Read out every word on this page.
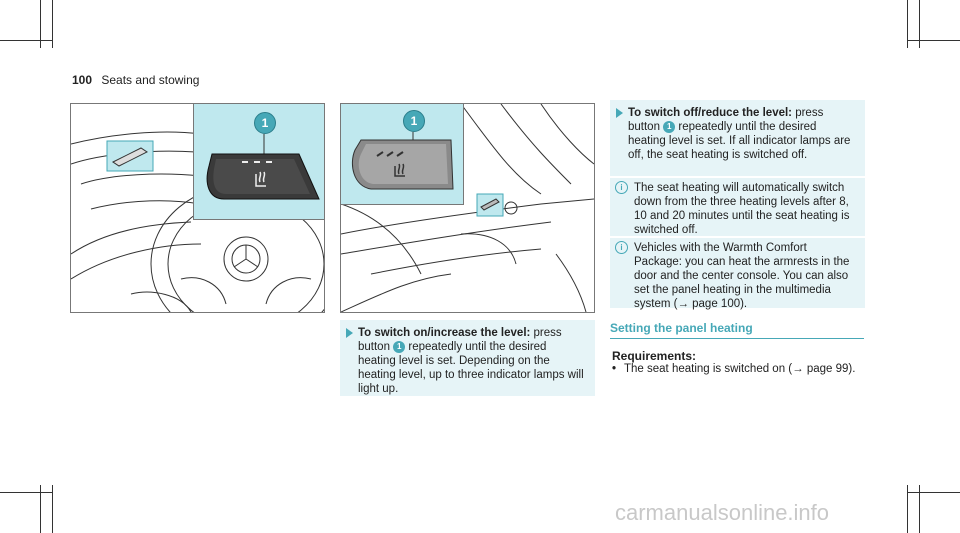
100 Seats and stowing
1	1
To switch on/increase the level: press button 1 repeatedly until the desired heating level is set. Depending on the heating level, up to three indicator lamps will light up.
To switch off/reduce the level: press button 1 repeatedly until the desired heating level is set. If all indicator lamps are off, the seat heating is switched off.
i The seat heating will automatically switch down from the three heating levels after 8, 10 and 20 minutes until the seat heating is switched off.
i Vehicles with the Warmth Comfort Package: you can heat the armrests in the door and the center console. You can also set the panel heating in the multimedia system (→ page 100).
Setting the panel heating
Requirements:
• The seat heating is switched on (→ page 99).
carmanualsonline.info
